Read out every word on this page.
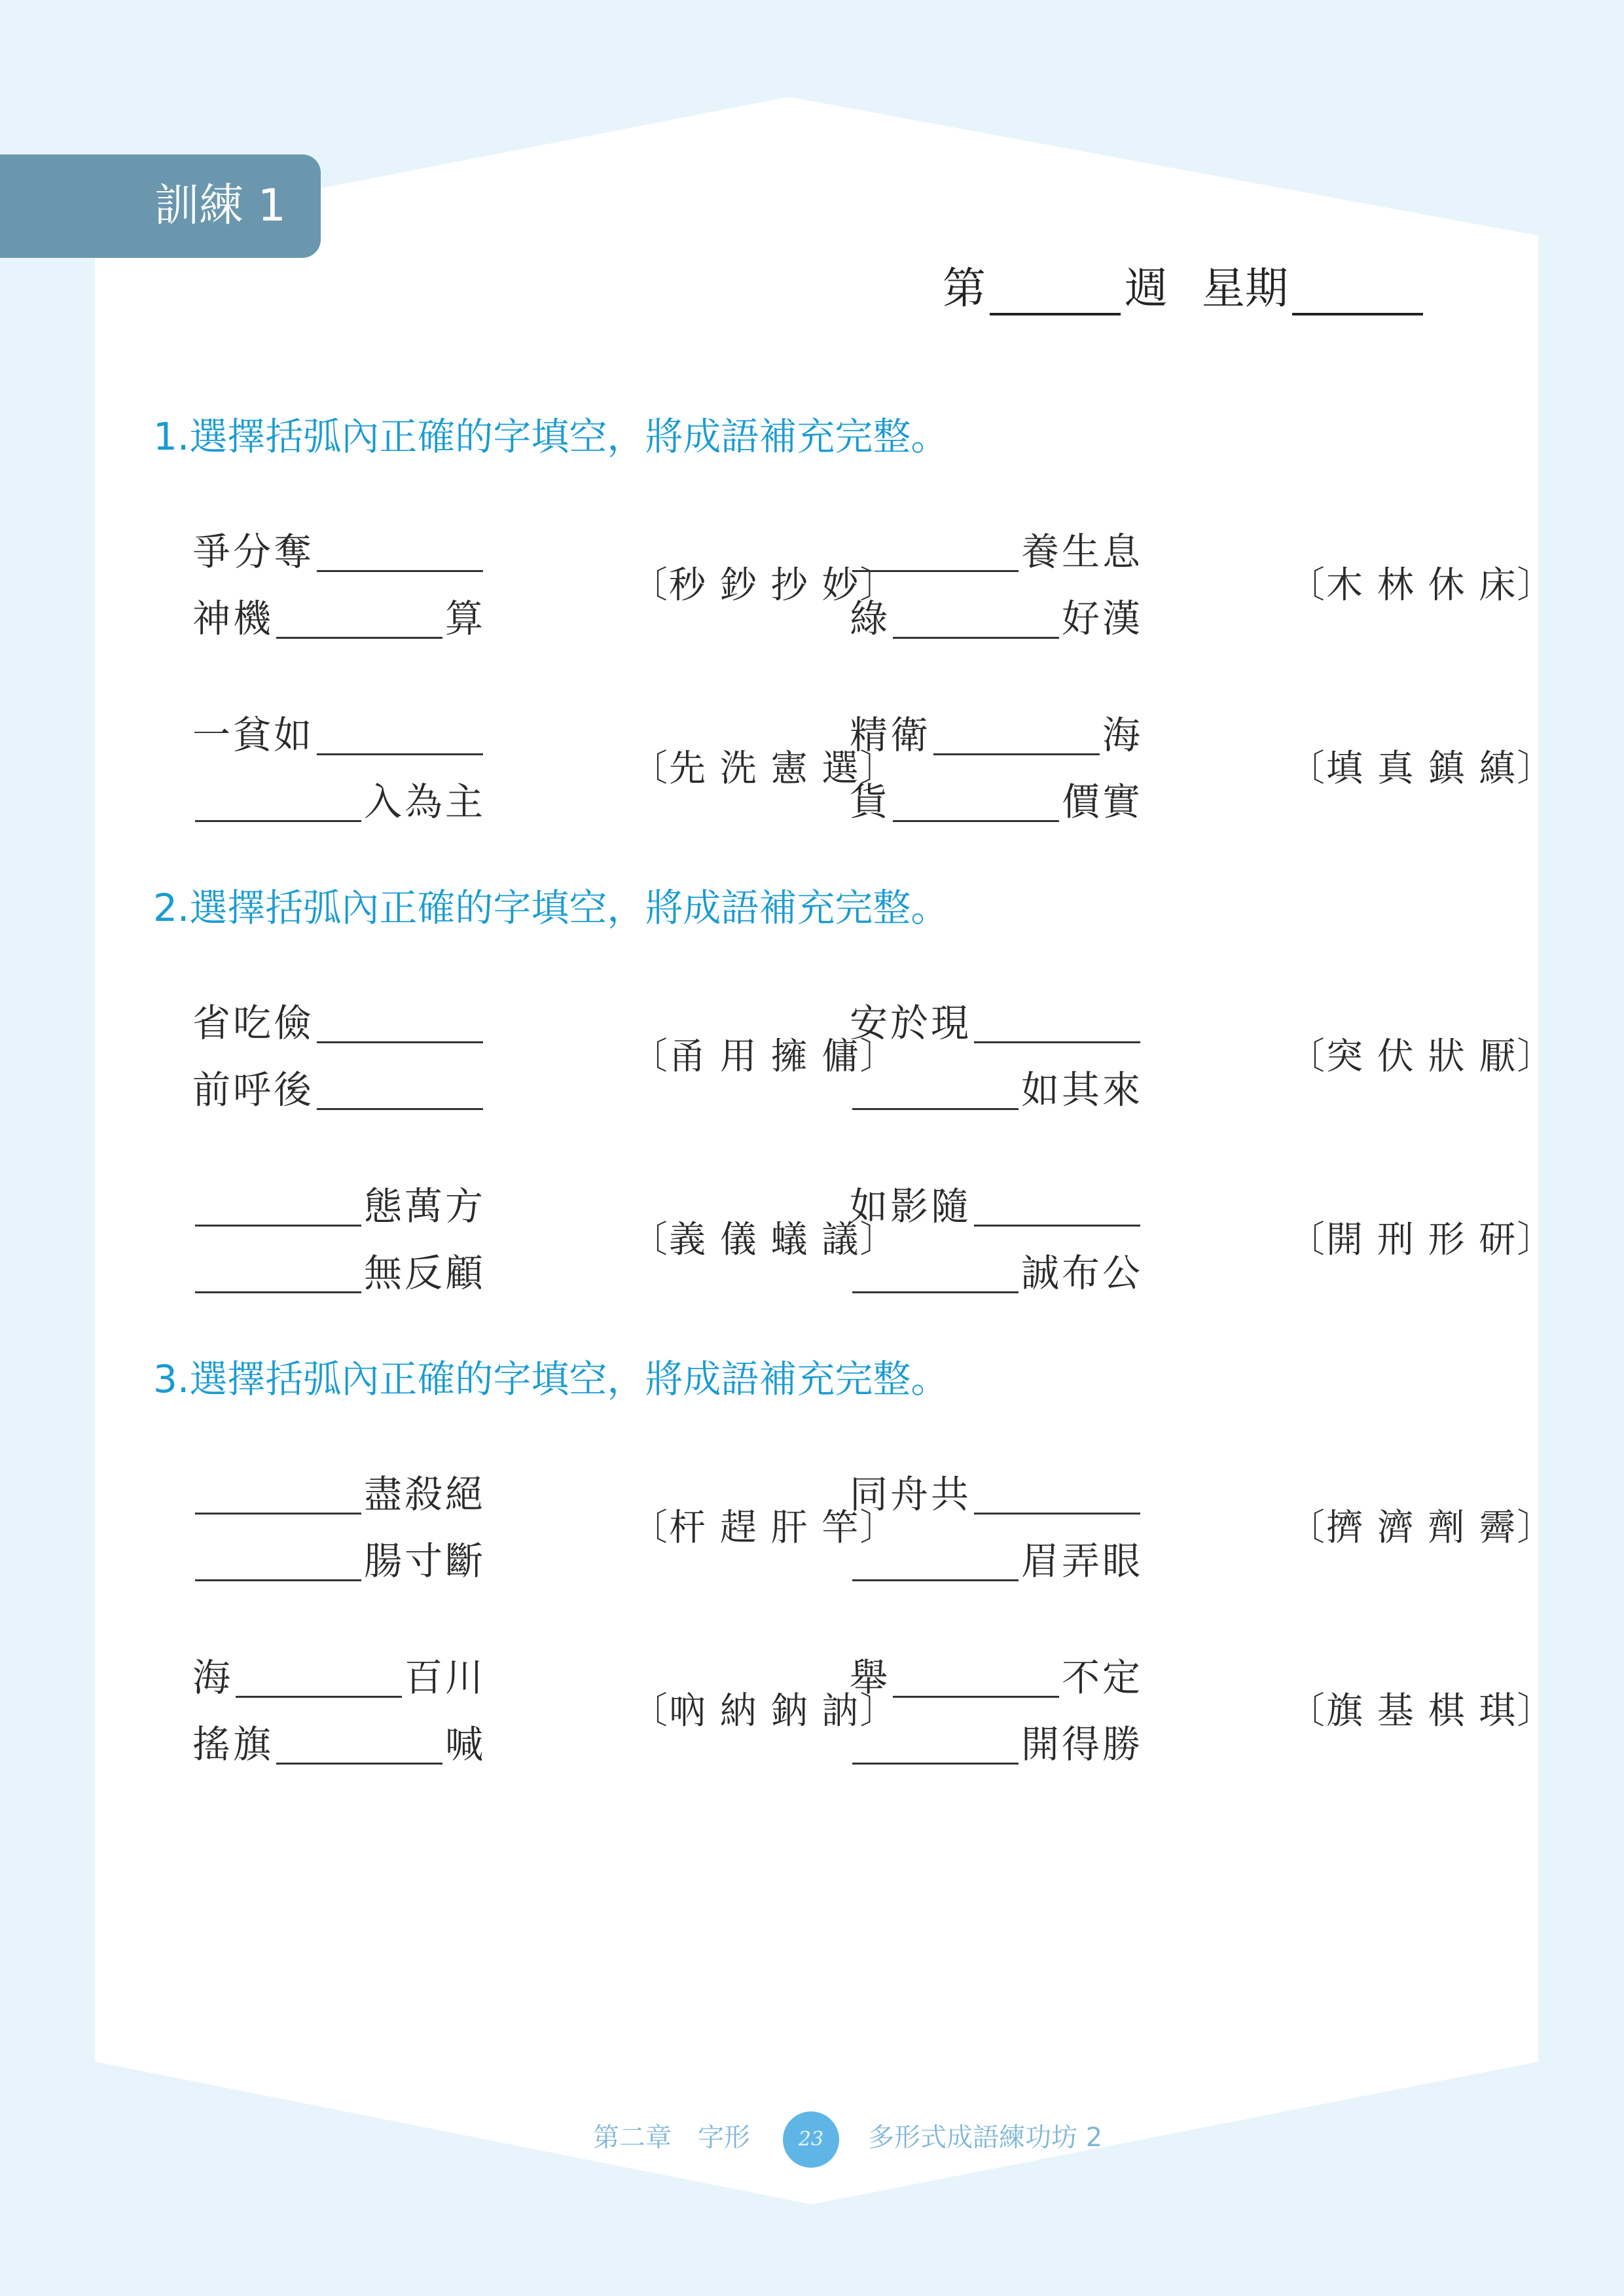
訓練 1
第	週 星期
1.選擇括弧內正確的字填空，將成語補充完整。
爭分奪
神機	算
〔秒 鈔 抄 妙〕
養生息
綠	好漢
〔木 林 休 床〕
一貧如
入為主
〔先 洗 憲 選〕
精衛	海
貨	價實
〔填 真 鎮 縝〕
2.選擇括弧內正確的字填空，將成語補充完整。
省吃儉
前呼後
〔甬 用 擁 傭〕
安於現
如其來
〔突 伏 狀 厭〕
態萬方
無反顧
〔義 儀 蟻 議〕
如影隨
誠布公
〔開 刑 形 研〕
3.選擇括弧內正確的字填空，將成語補充完整。
盡殺絕
腸寸斷
〔杆 趕 肝 竿〕
同舟共
眉弄眼
〔擠 濟 劑 霽〕
海	百川
搖旗	喊
〔吶 納 鈉 訥〕
舉	不定
開得勝
〔旗 基 棋 琪〕
第二章　字形	23	多形式成語練功坊 2
